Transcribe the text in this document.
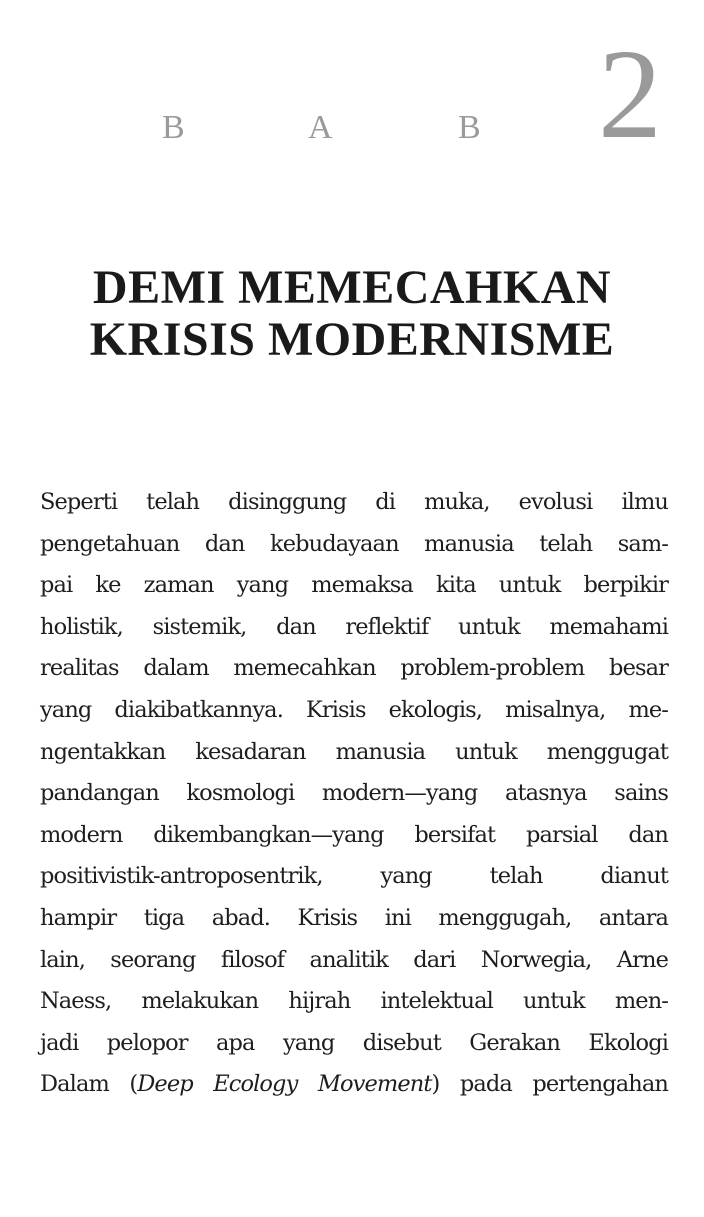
B	A	B 2
DEMI MEMECAHKAN
KRISIS MODERNISME
Seperti telah disinggung di muka, evolusi ilmu
pengetahuan dan kebudayaan manusia telah sam-
pai ke zaman yang memaksa kita untuk berpikir
holistik, sistemik, dan reflektif untuk memahami
realitas dalam memecahkan problem-problem besar
yang diakibatkannya. Krisis ekologis, misalnya, me-
ngentakkan kesadaran manusia untuk menggugat
pandangan kosmologi modern—yang atasnya sains
modern dikembangkan—yang bersifat parsial dan
positivistik-antroposentrik, yang telah dianut
hampir tiga abad. Krisis ini menggugah, antara
lain, seorang filosof analitik dari Norwegia, Arne
Naess, melakukan hijrah intelektual untuk men-
jadi pelopor apa yang disebut Gerakan Ekologi
Dalam (Deep Ecology Movement) pada pertengahan
